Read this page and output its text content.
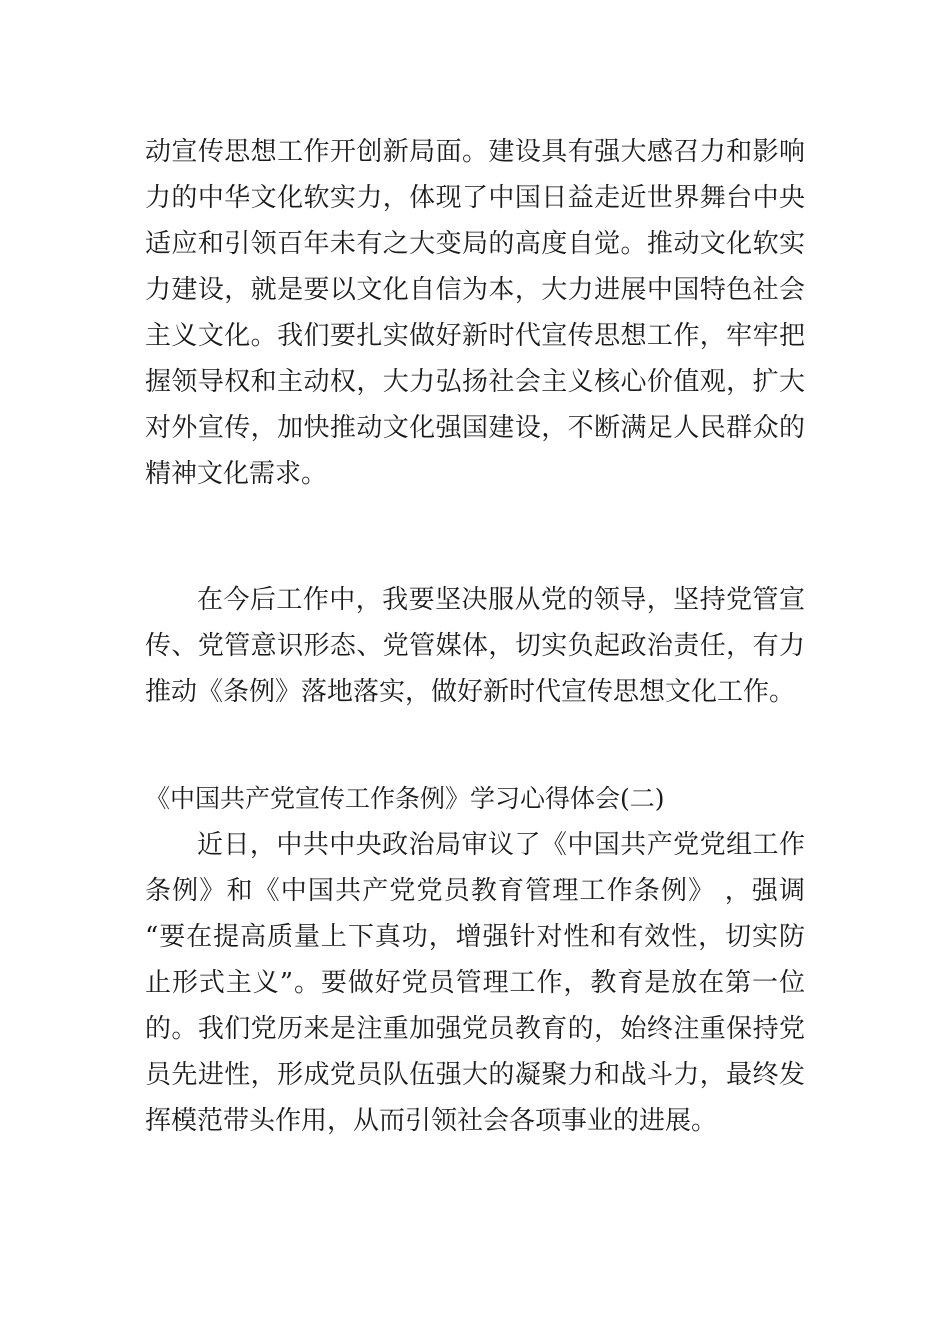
动宣传思想工作开创新局面。建设具有强大感召力和影响
力的中华文化软实力，体现了中国日益走近世界舞台中央
适应和引领百年未有之大变局的高度自觉。推动文化软实
力建设，就是要以文化自信为本，大力进展中国特色社会
主义文化。我们要扎实做好新时代宣传思想工作，牢牢把
握领导权和主动权，大力弘扬社会主义核心价值观，扩大
对外宣传，加快推动文化强国建设，不断满足人民群众的
精神文化需求。
在今后工作中，我要坚决服从党的领导，坚持党管宣
传、党管意识形态、党管媒体，切实负起政治责任，有力
推动《条例》落地落实，做好新时代宣传思想文化工作。
《中国共产党宣传工作条例》学习心得体会(二)
近日，中共中央政治局审议了《中国共产党党组工作
条例》和《中国共产党党员教育管理工作条例》 ，强调
“要在提高质量上下真功，增强针对性和有效性，切实防
止形式主义”。要做好党员管理工作，教育是放在第一位
的。我们党历来是注重加强党员教育的，始终注重保持党
员先进性，形成党员队伍强大的凝聚力和战斗力，最终发
挥模范带头作用，从而引领社会各项事业的进展。
